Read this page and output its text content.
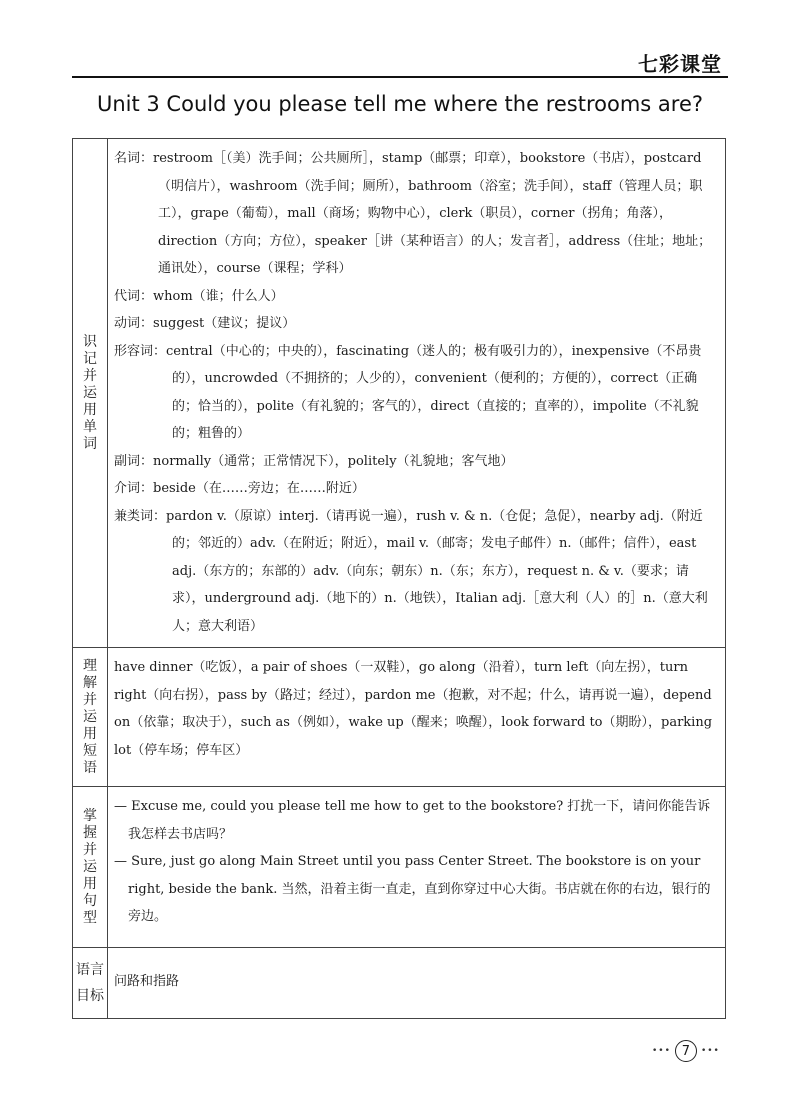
七彩课堂
Unit 3 Could you please tell me where the restrooms are?
识记并运用单词

名词：restroom［（美）洗手间；公共厕所］，stamp（邮票；印章），bookstore（书店），postcard（明信片），washroom（洗手间；厕所），bathroom（浴室；洗手间），staff（管理人员；职工），grape（葡萄），mall（商场；购物中心），clerk（职员），corner（拐角；角落），direction（方向；方位），speaker［讲（某种语言）的人；发言者］，address（住址；地址；通讯处），course（课程；学科）

代词：whom（谁；什么人）

动词：suggest（建议；提议）

形容词：central（中心的；中央的），fascinating（迷人的；极有吸引力的），inexpensive（不昂贵的），uncrowded（不拥挤的；人少的），convenient（便利的；方便的），correct（正确的；恰当的），polite（有礼貌的；客气的），direct（直接的；直率的），impolite（不礼貌的；粗鲁的）

副词：normally（通常；正常情况下），politely（礼貌地；客气地）

介词：beside（在……旁边；在……附近）

兼类词：pardon v.（原谅）interj.（请再说一遍），rush v. & n.（仓促；急促），nearby adj.（附近的；邻近的）adv.（在附近；附近），mail v.（邮寄；发电子邮件）n.（邮件；信件），east adj.（东方的；东部的）adv.（向东；朝东）n.（东；东方），request n. & v.（要求；请求），underground adj.（地下的）n.（地铁），Italian adj.［意大利（人）的］n.（意大利人；意大利语）

理解并运用短语

have dinner（吃饭），a pair of shoes（一双鞋），go along（沿着），turn left（向左拐），turn right（向右拐），pass by（路过；经过），pardon me（抱歉，对不起；什么，请再说一遍），depend on（依靠；取决于），such as（例如），wake up（醒来；唤醒），look forward to（期盼），parking lot（停车场；停车区）

掌握并运用句型

— Excuse me, could you please tell me how to get to the bookstore? 打扰一下，请问你能告诉我怎样去书店吗？

— Sure, just go along Main Street until you pass Center Street. The bookstore is on your right, beside the bank. 当然，沿着主街一直走，直到你穿过中心大街。书店就在你的右边，银行的旁边。

语言目标

问路和指路

••• 7	•••
